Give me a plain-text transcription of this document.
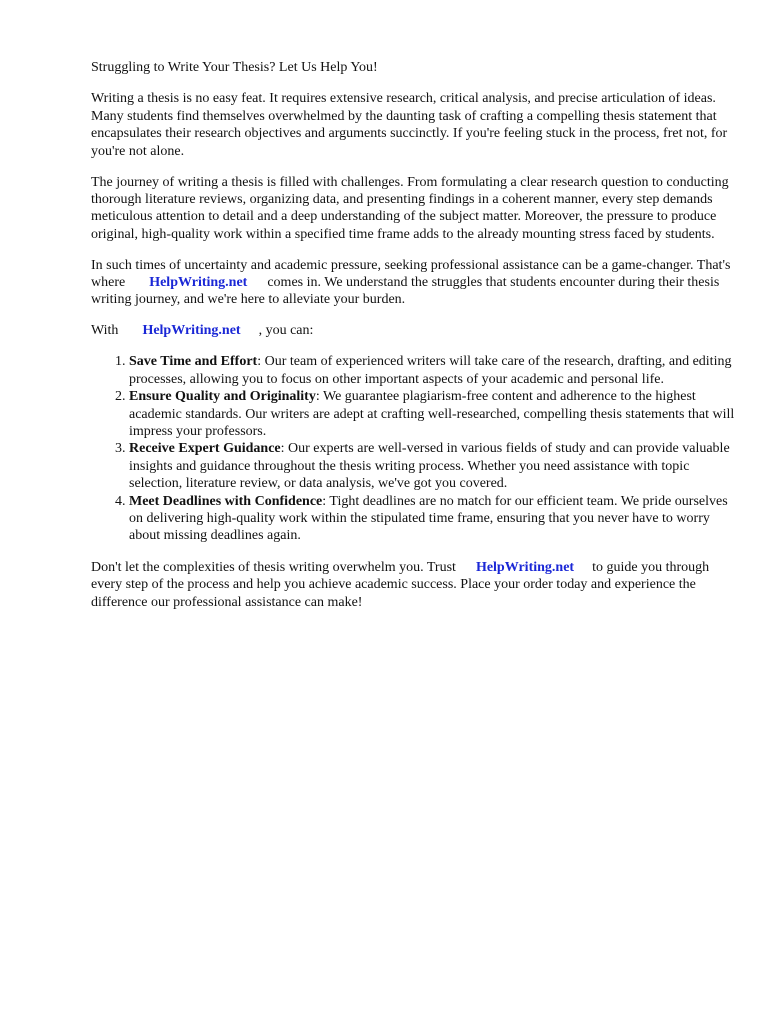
Struggling to Write Your Thesis? Let Us Help You!

Writing a thesis is no easy feat. It requires extensive research, critical analysis, and precise articulation of ideas. Many students find themselves overwhelmed by the daunting task of crafting a compelling thesis statement that encapsulates their research objectives and arguments succinctly. If you're feeling stuck in the process, fret not, for you're not alone.

The journey of writing a thesis is filled with challenges. From formulating a clear research question to conducting thorough literature reviews, organizing data, and presenting findings in a coherent manner, every step demands meticulous attention to detail and a deep understanding of the subject matter. Moreover, the pressure to produce original, high-quality work within a specified time frame adds to the already mounting stress faced by students.

In such times of uncertainty and academic pressure, seeking professional assistance can be a game-changer. That's where HelpWriting.net comes in. We understand the struggles that students encounter during their thesis writing journey, and we're here to alleviate your burden.

With HelpWriting.net , you can:

1. Save Time and Effort: Our team of experienced writers will take care of the research, drafting, and editing processes, allowing you to focus on other important aspects of your academic and personal life.
2. Ensure Quality and Originality: We guarantee plagiarism-free content and adherence to the highest academic standards. Our writers are adept at crafting well-researched, compelling thesis statements that will impress your professors.
3. Receive Expert Guidance: Our experts are well-versed in various fields of study and can provide valuable insights and guidance throughout the thesis writing process. Whether you need assistance with topic selection, literature review, or data analysis, we've got you covered.
4. Meet Deadlines with Confidence: Tight deadlines are no match for our efficient team. We pride ourselves on delivering high-quality work within the stipulated time frame, ensuring that you never have to worry about missing deadlines again.

Don't let the complexities of thesis writing overwhelm you. Trust HelpWriting.net to guide you through every step of the process and help you achieve academic success. Place your order today and experience the difference our professional assistance can make!
